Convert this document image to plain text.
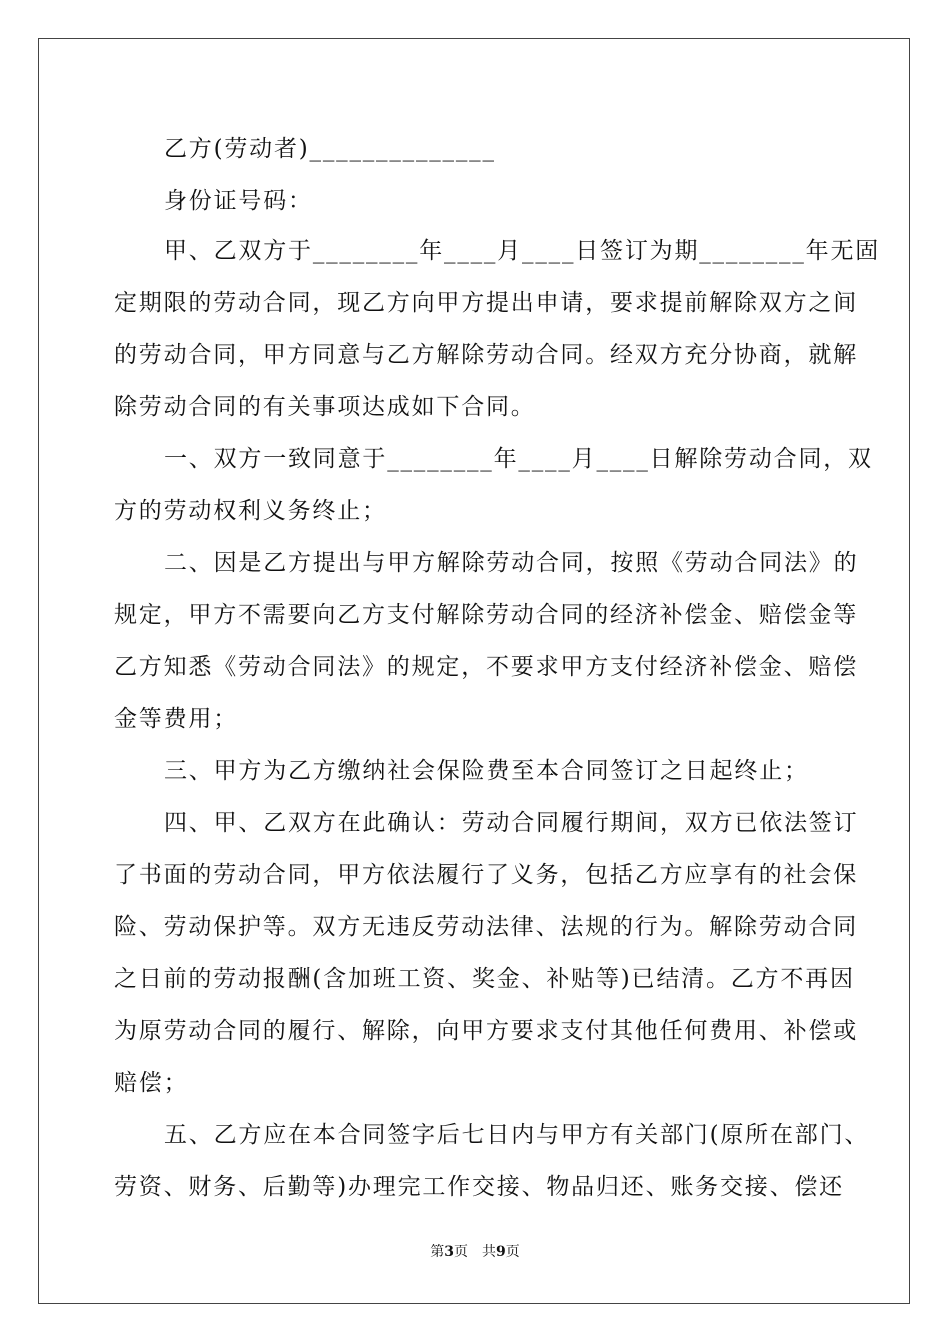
乙方(劳动者)______________
身份证号码：
甲、乙双方于________年____月____日签订为期________年无固
定期限的劳动合同，现乙方向甲方提出申请，要求提前解除双方之间
的劳动合同，甲方同意与乙方解除劳动合同。经双方充分协商，就解
除劳动合同的有关事项达成如下合同。
一、双方一致同意于________年____月____日解除劳动合同，双
方的劳动权利义务终止；
二、因是乙方提出与甲方解除劳动合同，按照《劳动合同法》的
规定，甲方不需要向乙方支付解除劳动合同的经济补偿金、赔偿金等
乙方知悉《劳动合同法》的规定，不要求甲方支付经济补偿金、赔偿
金等费用；
三、甲方为乙方缴纳社会保险费至本合同签订之日起终止；
四、甲、乙双方在此确认：劳动合同履行期间，双方已依法签订
了书面的劳动合同，甲方依法履行了义务，包括乙方应享有的社会保
险、劳动保护等。双方无违反劳动法律、法规的行为。解除劳动合同
之日前的劳动报酬(含加班工资、奖金、补贴等)已结清。乙方不再因
为原劳动合同的履行、解除，向甲方要求支付其他任何费用、补偿或
赔偿；
五、乙方应在本合同签字后七日内与甲方有关部门(原所在部门、
劳资、财务、后勤等)办理完工作交接、物品归还、账务交接、偿还
第3页 共9页
